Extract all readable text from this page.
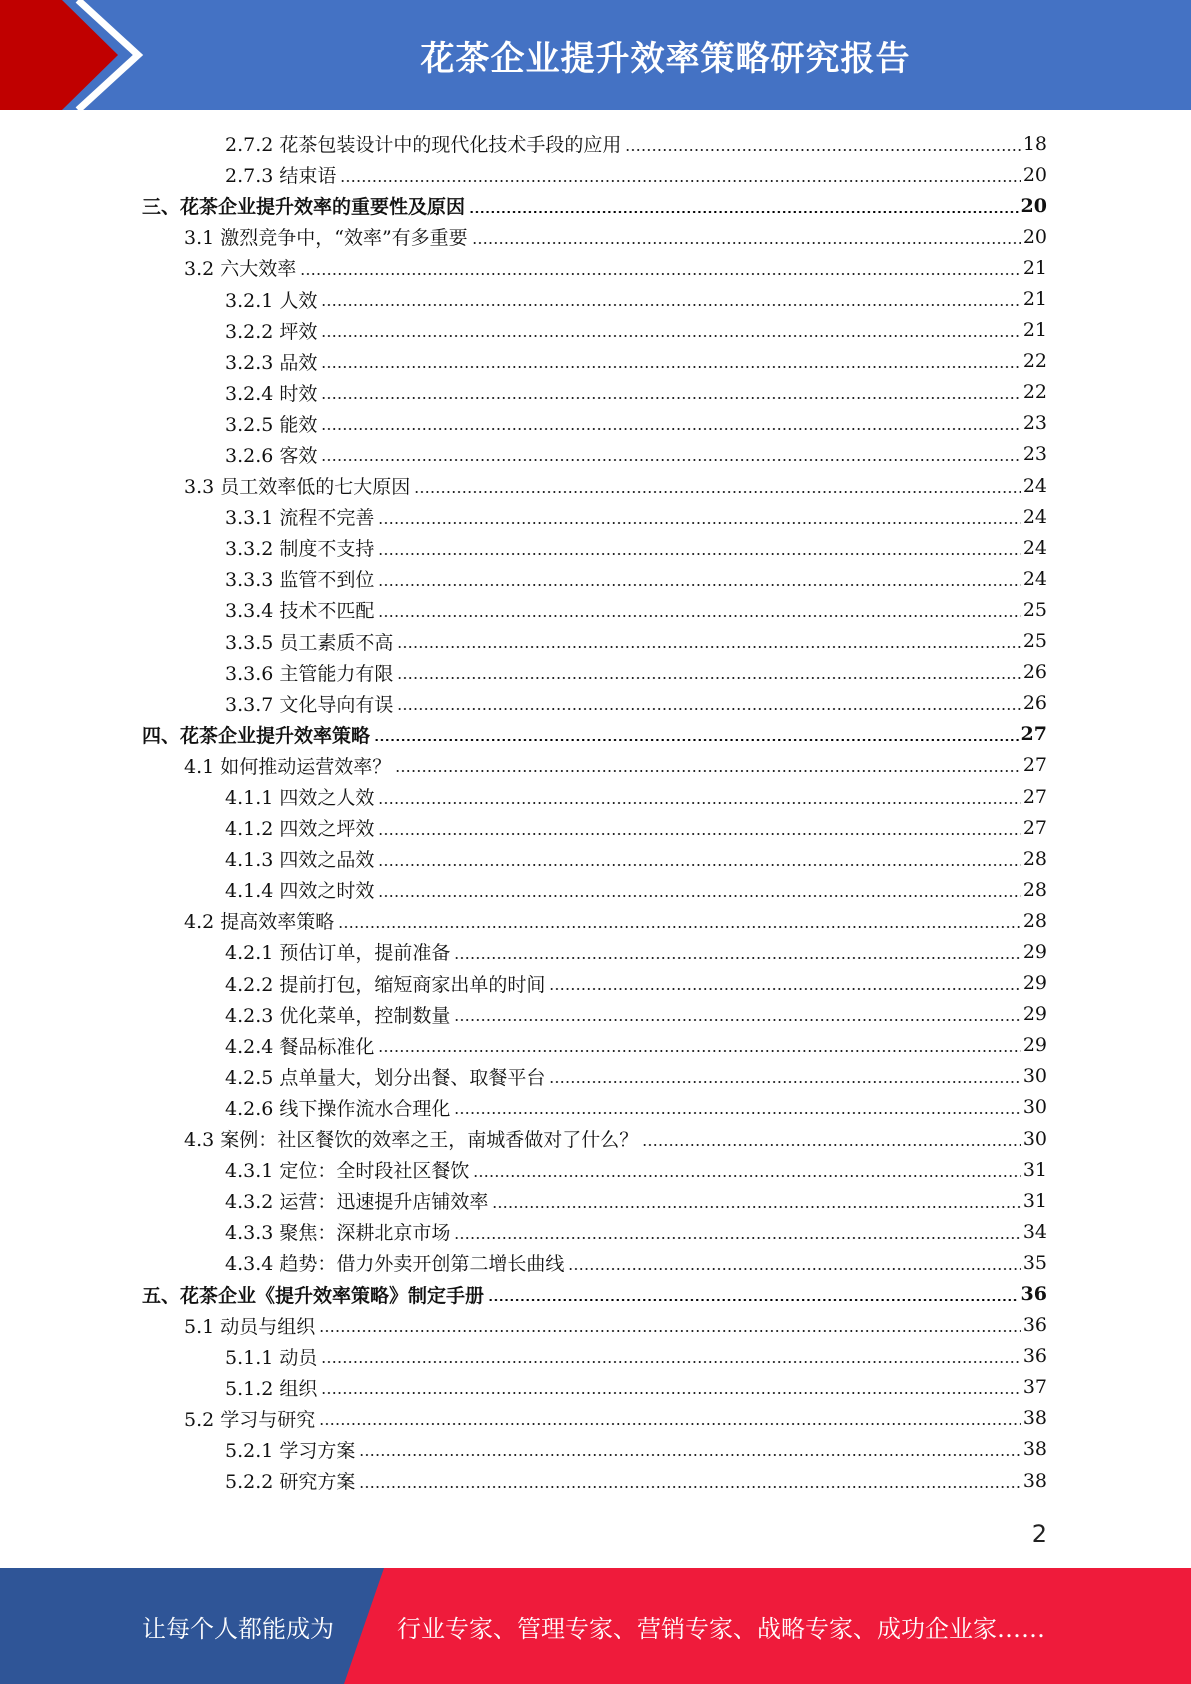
花茶企业提升效率策略研究报告
2.7.2 花茶包装设计中的现代化技术手段的应用	18
2.7.3 结束语	20
三、花茶企业提升效率的重要性及原因	20
3.1 激烈竞争中，“效率”有多重要	20
3.2 六大效率	21
3.2.1 人效	21
3.2.2 坪效	21
3.2.3 品效	22
3.2.4 时效	22
3.2.5 能效	23
3.2.6 客效	23
3.3 员工效率低的七大原因	24
3.3.1 流程不完善	24
3.3.2 制度不支持	24
3.3.3 监管不到位	24
3.3.4 技术不匹配	25
3.3.5 员工素质不高	25
3.3.6 主管能力有限	26
3.3.7 文化导向有误	26
四、花茶企业提升效率策略	27
4.1 如何推动运营效率？	27
4.1.1 四效之人效	27
4.1.2 四效之坪效	27
4.1.3 四效之品效	28
4.1.4 四效之时效	28
4.2 提高效率策略	28
4.2.1 预估订单，提前准备	29
4.2.2 提前打包，缩短商家出单的时间	29
4.2.3 优化菜单，控制数量	29
4.2.4 餐品标准化	29
4.2.5 点单量大，划分出餐、取餐平台	30
4.2.6 线下操作流水合理化	30
4.3 案例：社区餐饮的效率之王，南城香做对了什么？	30
4.3.1 定位：全时段社区餐饮	31
4.3.2 运营：迅速提升店铺效率	31
4.3.3 聚焦：深耕北京市场	34
4.3.4 趋势：借力外卖开创第二增长曲线	35
五、花茶企业《提升效率策略》制定手册	36
5.1 动员与组织	36
5.1.1 动员	36
5.1.2 组织	37
5.2 学习与研究	38
5.2.1 学习方案	38
5.2.2 研究方案	38
2
让每个人都能成为	行业专家、管理专家、营销专家、战略专家、成功企业家……
